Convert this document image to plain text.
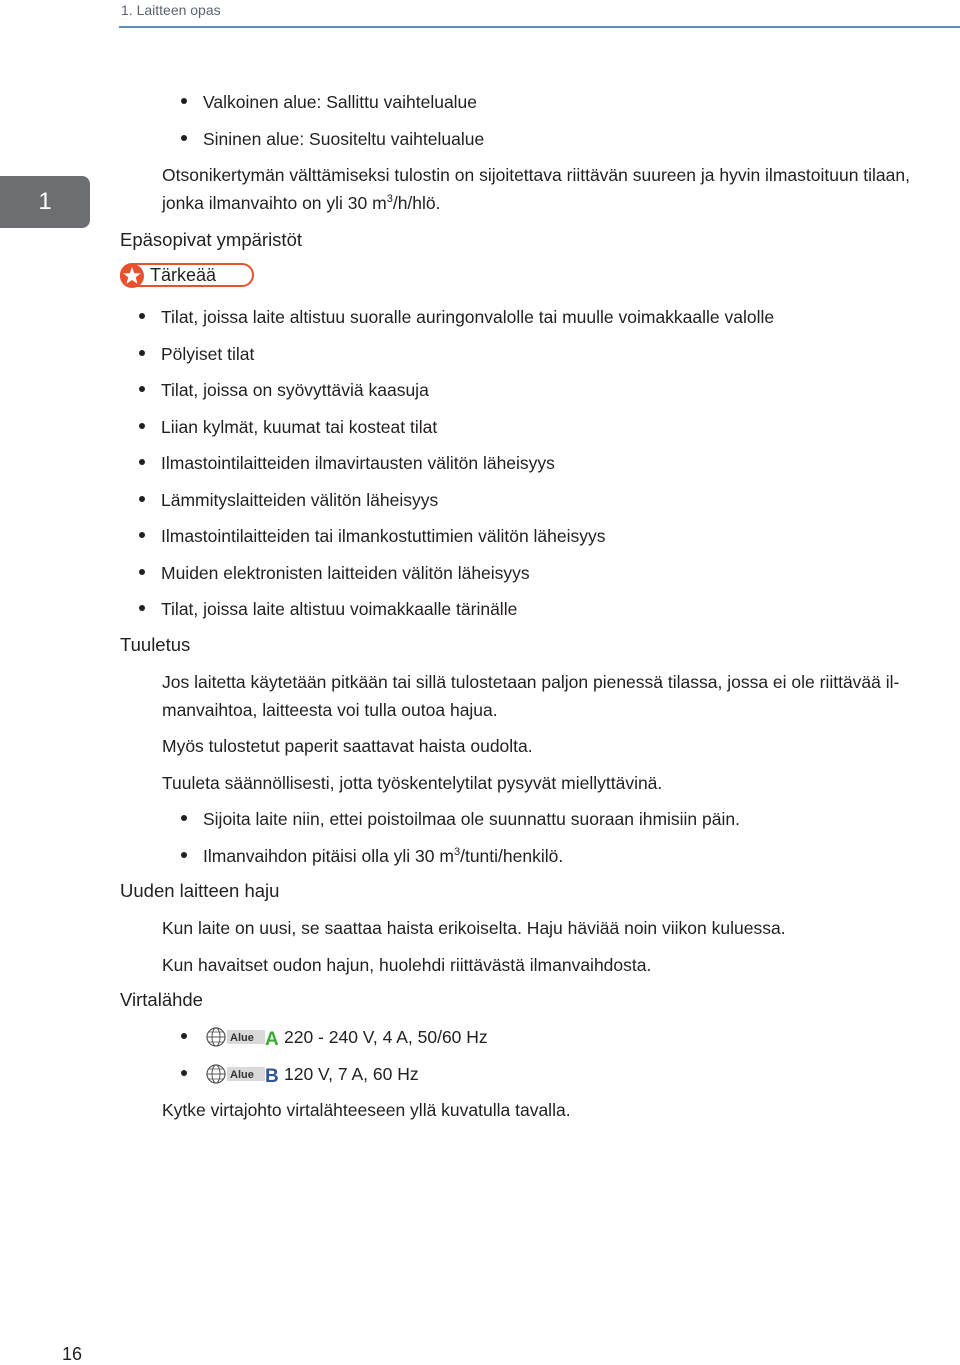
1. Laitteen opas
1
Valkoinen alue: Sallittu vaihtelualue
Sininen alue: Suositeltu vaihtelualue
Otsonikertymän välttämiseksi tulostin on sijoitettava riittävän suureen ja hyvin ilmastoituun tilaan,
jonka ilmanvaihto on yli 30 $m^3/h$/hlö.
Epäsopivat ympäristöt
Tärkeää
Tilat, joissa laite altistuu suoralle auringonvalolle tai muulle voimakkaalle valolle
Pölyiset tilat
Tilat, joissa on syövyttäviä kaasuja
Liian kylmät, kuumat tai kosteat tilat
Ilmastointilaitteiden ilmavirtausten välitön läheisyys
Lämmityslaitteiden välitön läheisyys
Ilmastointilaitteiden tai ilmankostuttimien välitön läheisyys
Muiden elektronisten laitteiden välitön läheisyys
Tilat, joissa laite altistuu voimakkaalle tärinälle
Tuuletus
Jos laitetta käytetään pitkään tai sillä tulostetaan paljon pienessä tilassa, jossa ei ole riittävää il-
manvaihtoa, laitteesta voi tulla outoa hajua.
Myös tulostetut paperit saattavat haista oudolta.
Tuuleta säännöllisesti, jotta työskentelytilat pysyvät miellyttävinä.
Sijoita laite niin, ettei poistoilmaa ole suunnattu suoraan ihmisiin päin.
Ilmanvaihdon pitäisi olla yli 30 $m^3/tunti$/henkilö.
Uuden laitteen haju
Kun laite on uusi, se saattaa haista erikoiselta. Haju häviää noin viikon kuluessa.
Kun havaitset oudon hajun, huolehdi riittävästä ilmanvaihdosta.
Virtalähde
Alue A 220 - 240 V, 4 A, 50/60 Hz
Alue B 120 V, 7 A, 60 Hz
Kytke virtajohto virtalähteeseen yllä kuvatulla tavalla.
16
